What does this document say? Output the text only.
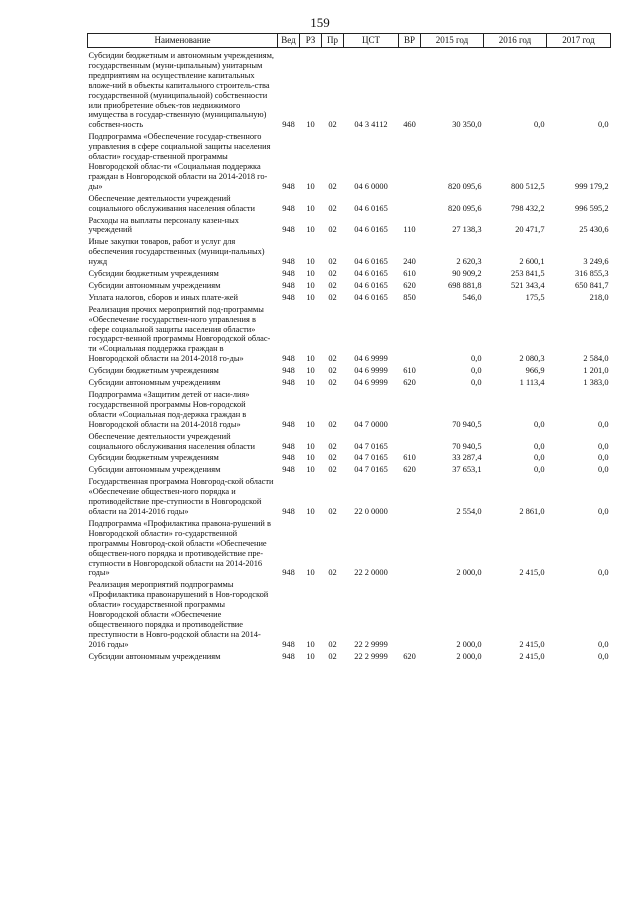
159
Наименование	Вед	РЗ	Пр	ЦСТ	ВР	2015 год	2016 год	2017 год

Субсидии бюджетным и автономным учреждениям, государственным (муни-ципальным) унитарным предприятиям на осуществление капитальных вложе-ний в объекты капитального строитель-ства государственной (муниципальной) собственности или приобретение объек-тов недвижимого имущества в государ-ственную (муниципальную) собствен-ность	948	10	02	04 3 4112	460	30 350,0	0,0	0,0
Подпрограмма «Обеспечение государ-ственного управления в сфере социальной защиты населения области» государ-ственной программы Новгородской облас-ти «Социальная поддержка граждан в Новгородской области на 2014-2018 го-ды»	948	10	02	04 6 0000		820 095,6	800 512,5	999 179,2
Обеспечение деятельности учреждений социального обслуживания населения области	948	10	02	04 6 0165		820 095,6	798 432,2	996 595,2
Расходы на выплаты персоналу казен-ных учреждений	948	10	02	04 6 0165	110	27 138,3	20 471,7	25 430,6
Иные закупки товаров, работ и услуг для обеспечения государственных (муници-пальных) нужд	948	10	02	04 6 0165	240	2 620,3	2 600,1	3 249,6
Субсидии бюджетным учреждениям	948	10	02	04 6 0165	610	90 909,2	253 841,5	316 855,3
Субсидии автономным учреждениям	948	10	02	04 6 0165	620	698 881,8	521 343,4	650 841,7
Уплата налогов, сборов и иных плате-жей	948	10	02	04 6 0165	850	546,0	175,5	218,0
Реализация прочих мероприятий под-программы «Обеспечение государствен-ного управления в сфере социальной защиты населения области» государст-венной программы Новгородской облас-ти «Социальная поддержка граждан в Новгородской области на 2014-2018 го-ды»	948	10	02	04 6 9999		0,0	2 080,3	2 584,0
Субсидии бюджетным учреждениям	948	10	02	04 6 9999	610	0,0	966,9	1 201,0
Субсидии автономным учреждениям	948	10	02	04 6 9999	620	0,0	1 113,4	1 383,0
Подпрограмма «Защитим детей от наси-лия» государственной программы Нов-городской области «Социальная под-держка граждан в Новгородской области на 2014-2018 годы»	948	10	02	04 7 0000		70 940,5	0,0	0,0
Обеспечение деятельности учреждений социального обслуживания населения области	948	10	02	04 7 0165		70 940,5	0,0	0,0
Субсидии бюджетным учреждениям	948	10	02	04 7 0165	610	33 287,4	0,0	0,0
Субсидии автономным учреждениям	948	10	02	04 7 0165	620	37 653,1	0,0	0,0
Государственная программа Новгород-ской области «Обеспечение обществен-ного порядка и противодействие пре-ступности в Новгородской области на 2014-2016 годы»	948	10	02	22 0 0000		2 554,0	2 861,0	0,0
Подпрограмма «Профилактика правона-рушений в Новгородской области» го-сударственной программы Новгород-ской области «Обеспечение обществен-ного порядка и противодействие пре-ступности в Новгородской области на 2014-2016 годы»	948	10	02	22 2 0000		2 000,0	2 415,0	0,0
Реализация мероприятий подпрограммы «Профилактика правонарушений в Нов-городской области» государственной программы Новгородской области «Обеспечение общественного порядка и противодействие преступности в Новго-родской области на 2014-2016 годы»	948	10	02	22 2 9999		2 000,0	2 415,0	0,0
Субсидии автономным учреждениям	948	10	02	22 2 9999	620	2 000,0	2 415,0	0,0
